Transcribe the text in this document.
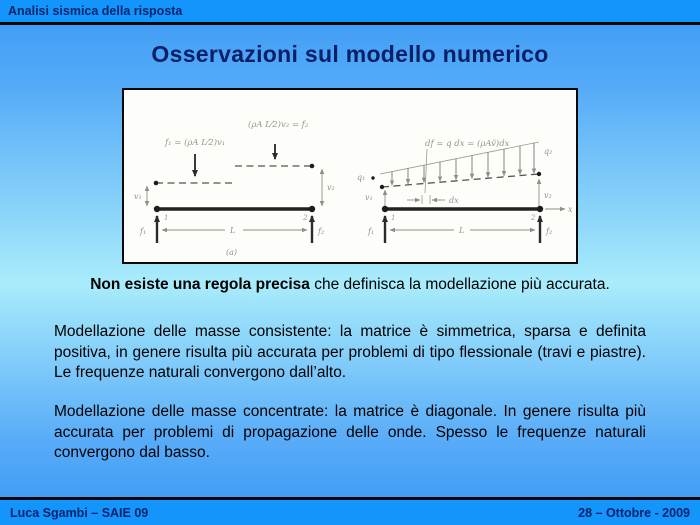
Analisi sismica della risposta
Osservazioni sul modello numerico
f₁ = (ρA L⁄2)v₁
(ρA L⁄2)v₂ = f₂
v₁
v₂
1	2
f₁	f₂
L
(a)
df = q dx = (ρAv̈)dx
q₁
q₂
v₁	v₂
dx
1	2
x
f₁	f₂
L

Non esiste una regola precisa che definisca la modellazione più accurata.

Modellazione delle masse consistente: la matrice è simmetrica, sparsa e definita positiva, in genere risulta più accurata per problemi di tipo flessionale (travi e piastre). Le frequenze naturali convergono dall’alto.

Modellazione delle masse concentrate: la matrice è diagonale. In genere risulta più accurata per problemi di propagazione delle onde. Spesso le frequenze naturali convergono dal basso.

Luca Sgambi – SAIE 09	28 – Ottobre - 2009
